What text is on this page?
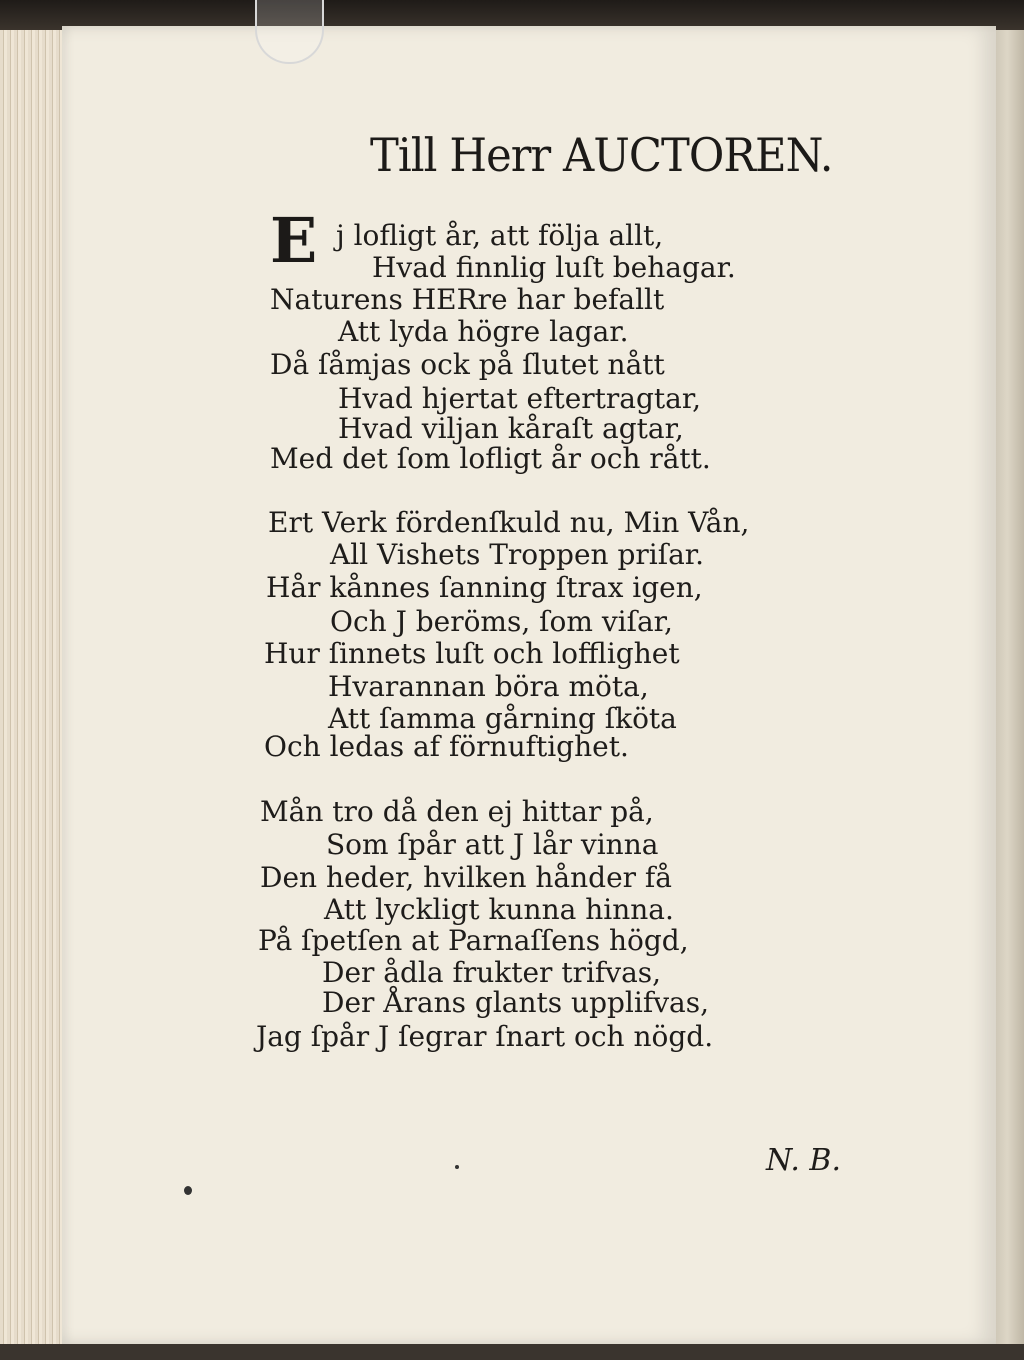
Till Herr AUCTOREN.
E j lofligt år, att följa allt,

Hvad finnlig luſt behagar.

Naturens HERre har befallt

Att lyda högre lagar.

Då ſåmjas ock på ſlutet nått

Hvad hjertat eftertragtar,

Hvad viljan kåraſt agtar,

Med det ſom lofligt år och rått.

Ert Verk fördenſkuld nu, Min Vån,

All Vishets Troppen priſar.

Hår kånnes ſanning ſtrax igen,

Och J beröms, ſom viſar,

Hur ſinnets luſt och lofflighet

Hvarannan böra möta,

Att ſamma gårning ſköta

Och ledas af förnuftighet.

Mån tro då den ej hittar på,

Som ſpår att J lår vinna

Den heder, hvilken hånder få

Att lyckligt kunna hinna.

På ſpetſen at Parnaſſens högd,

Der ådla frukter trifvas,

Der Årans glants upplifvas,

Jag ſpår J ſegrar ſnart och nögd.

N. B.
